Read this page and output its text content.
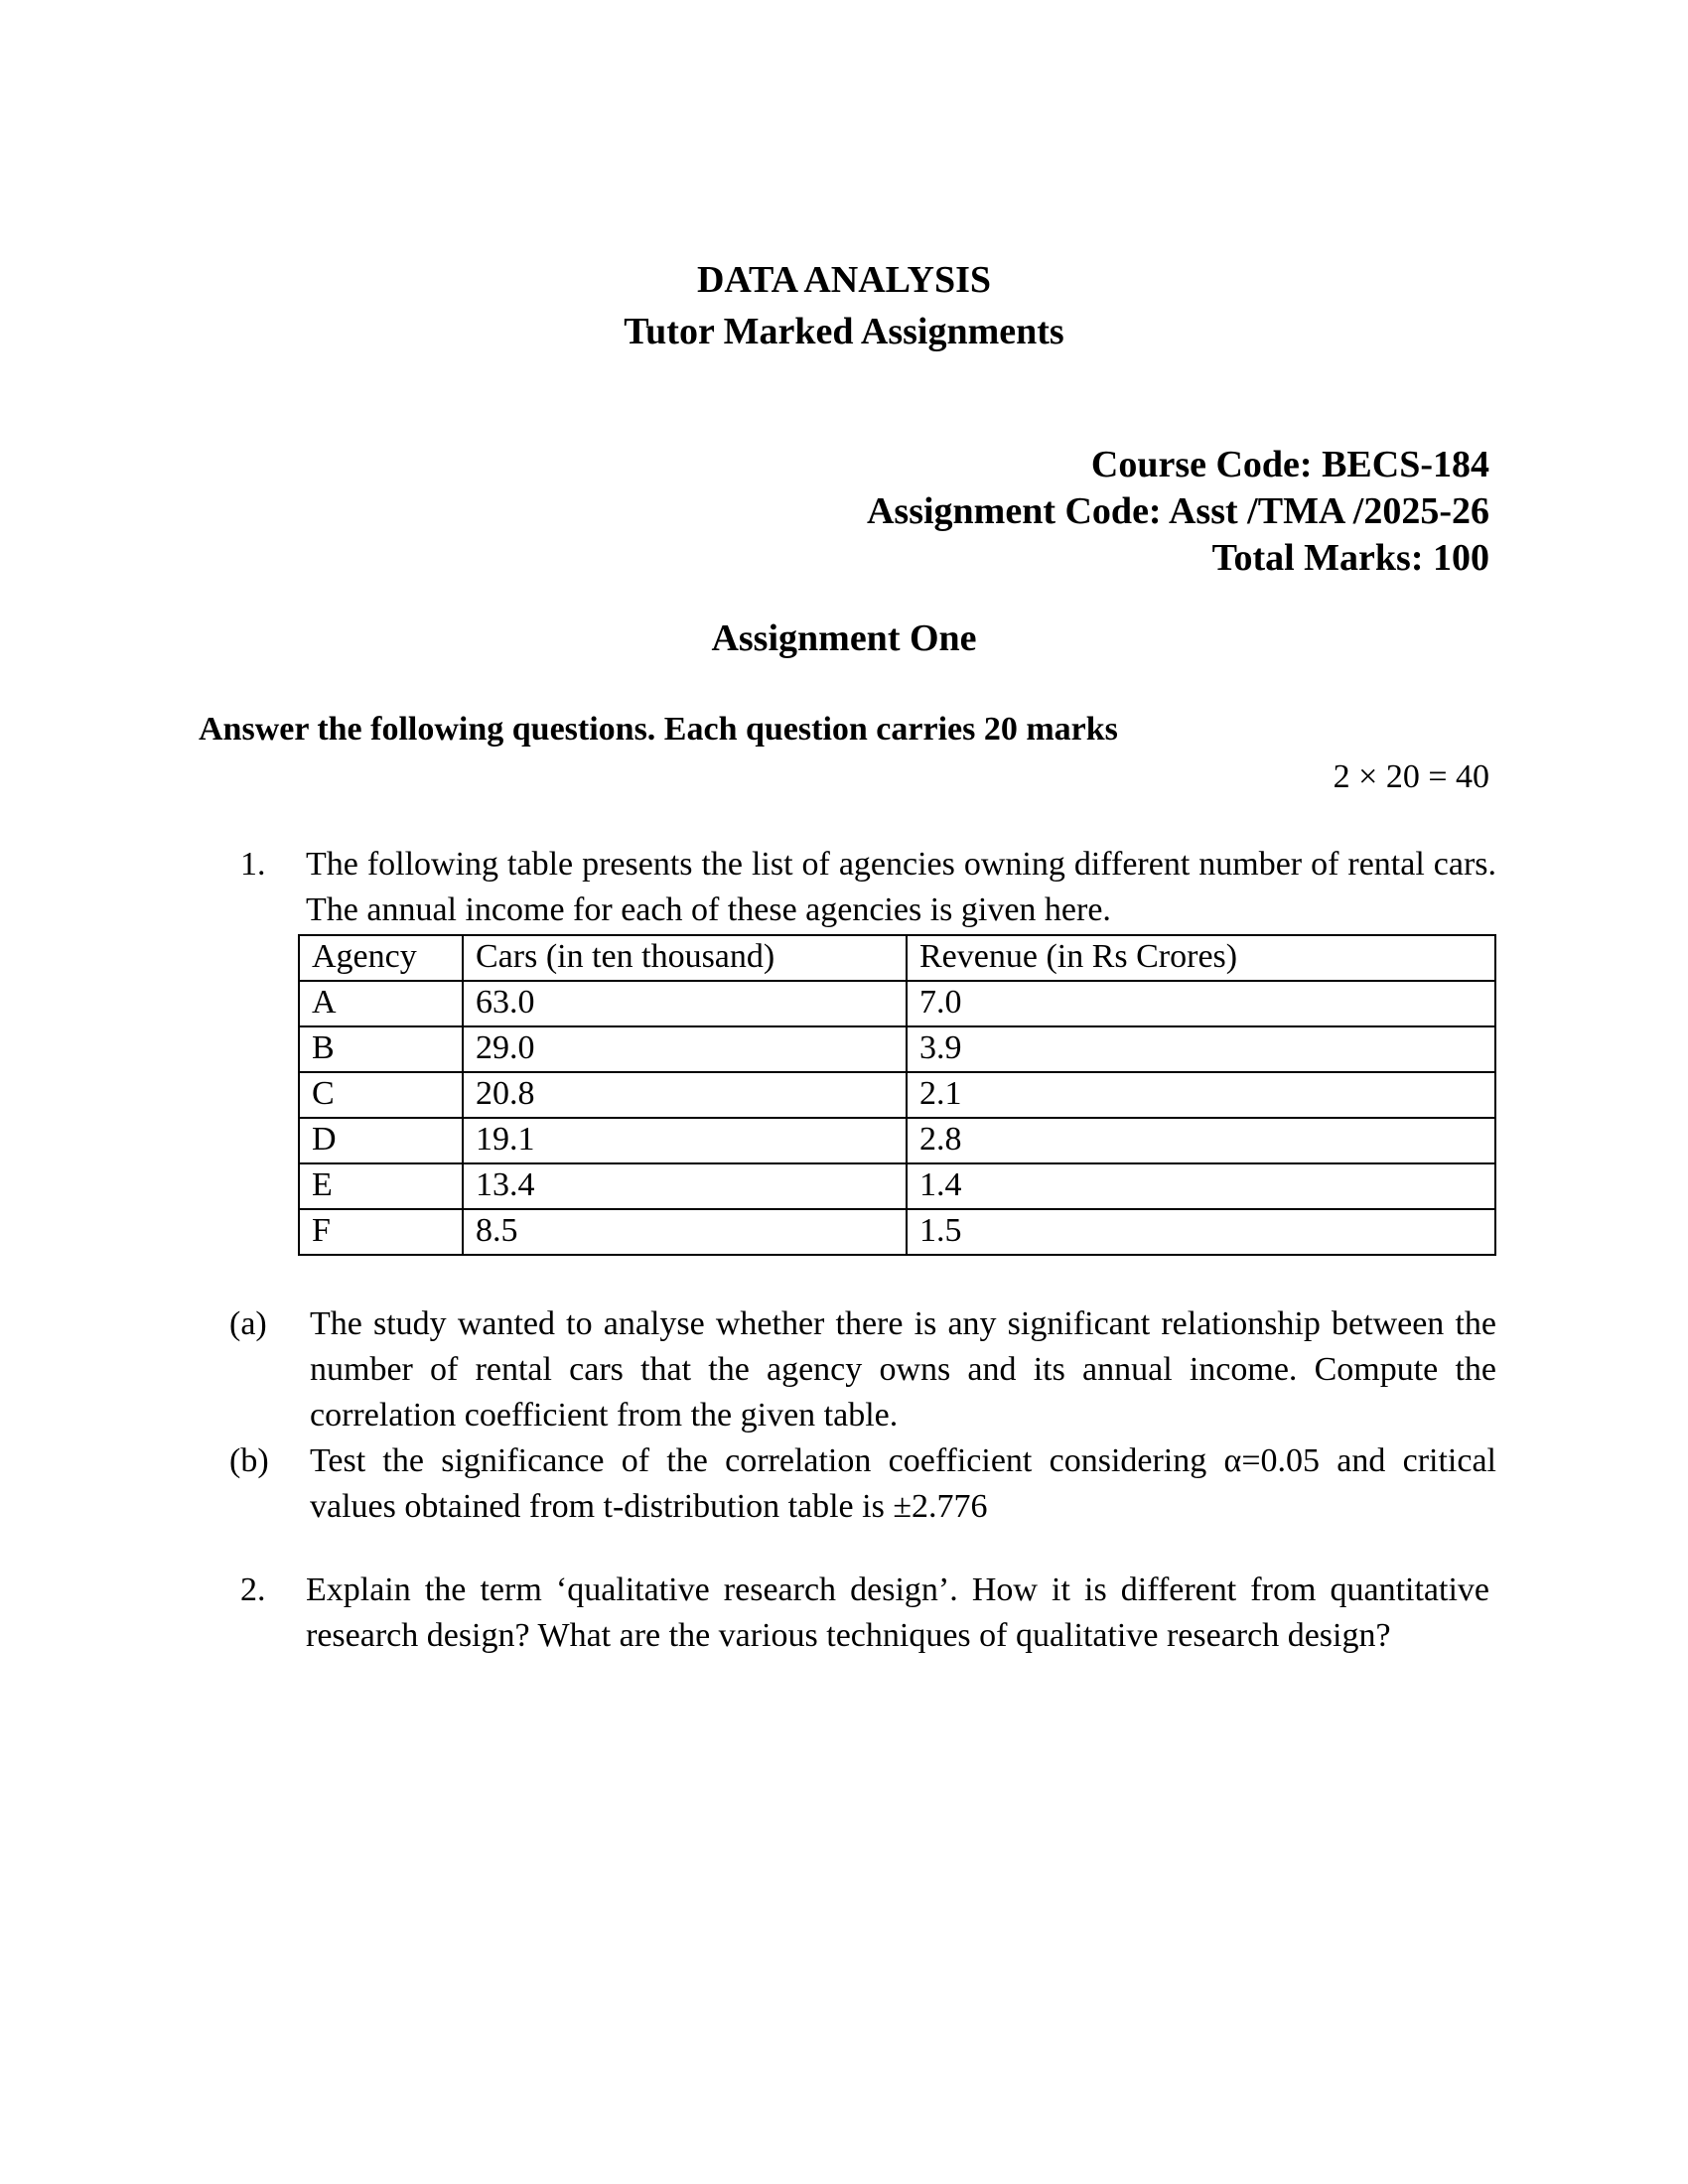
DATA ANALYSIS
Tutor Marked Assignments
Course Code: BECS-184
Assignment Code: Asst /TMA /2025-26
Total Marks: 100
Assignment One
Answer the following questions. Each question carries 20 marks
2 × 20 = 40
1.	The following table presents the list of agencies owning different number of rental cars. The annual income for each of these agencies is given here.
Agency	Cars (in ten thousand)	Revenue (in Rs Crores)
A	63.0	7.0
B	29.0	3.9
C	20.8	2.1
D	19.1	2.8
E	13.4	1.4
F	8.5	1.5
(a)	The study wanted to analyse whether there is any significant relationship between the number of rental cars that the agency owns and its annual income. Compute the correlation coefficient from the given table.
(b)	Test the significance of the correlation coefficient considering α=0.05 and critical values obtained from t-distribution table is ±2.776
2.	Explain the term ‘qualitative research design’. How it is different from quantitative research design? What are the various techniques of qualitative research design?
